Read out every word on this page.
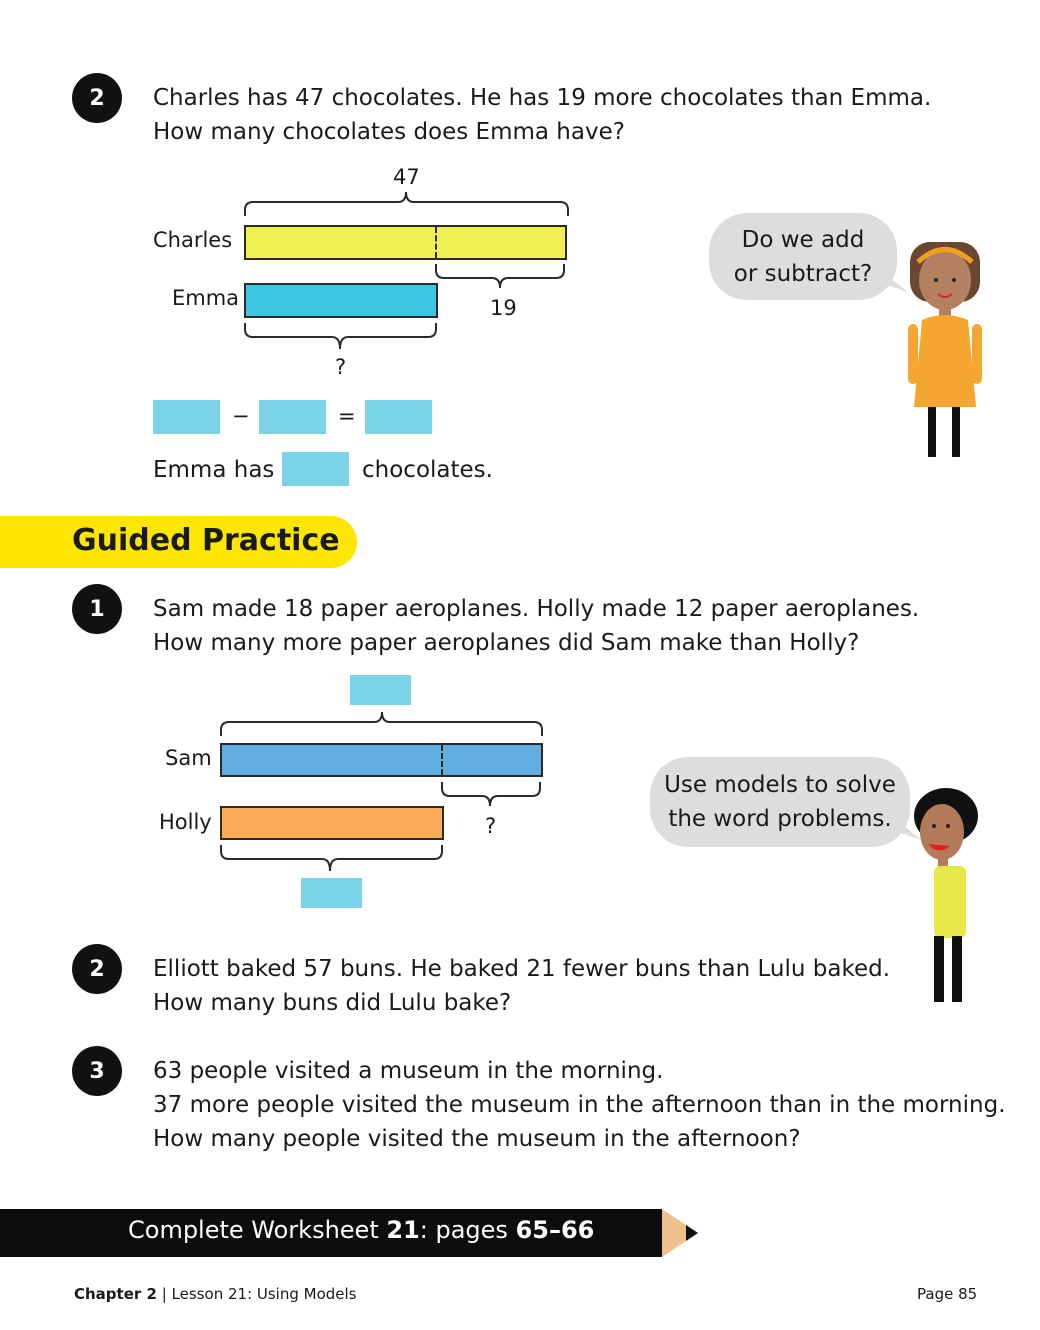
2	Charles has 47 chocolates. He has 19 more chocolates than Emma.
How many chocolates does Emma have?
47
Charles
19
Emma
?
−	=
Emma has	chocolates.
Do we add
or subtract?
Guided Practice
1	Sam made 18 paper aeroplanes. Holly made 12 paper aeroplanes.
How many more paper aeroplanes did Sam make than Holly?
Sam
?
Holly
Use models to solve
the word problems.
2	Elliott baked 57 buns. He baked 21 fewer buns than Lulu baked.
How many buns did Lulu bake?
3	63 people visited a museum in the morning.
37 more people visited the museum in the afternoon than in the morning.
How many people visited the museum in the afternoon?
Complete Worksheet 21: pages 65–66
Chapter 2 | Lesson 21: Using Models	Page 85
